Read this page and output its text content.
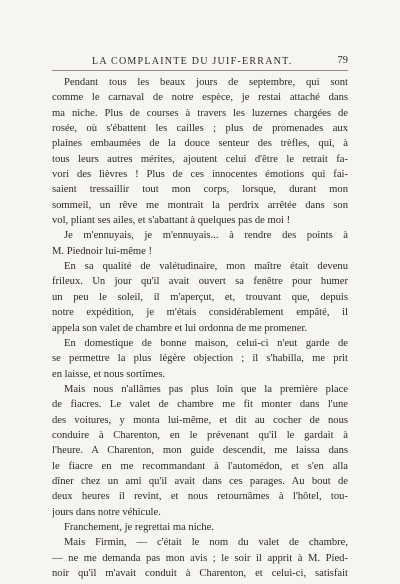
LA COMPLAINTE DU JUIF-ERRANT.	79
Pendant tous les beaux jours de septembre, qui sont
comme le carnaval de notre espèce, je restai attaché dans
ma niche. Plus de courses à travers les luzernes chargées de
rosée, où s'ébattent les cailles ; plus de promenades aux
plaines embaumées de la douce senteur des trèfles, qui, à
tous leurs autres mérites, ajoutent celui d'être le retrait fa-
vori des lièvres ! Plus de ces innocentes émotions qui fai-
saient tressaillir tout mon corps, lorsque, durant mon
sommeil, un rêve me montrait la perdrix arrêtée dans son
vol, pliant ses ailes, et s'abattant à quelques pas de moi !
Je m'ennuyais, je m'ennuyais... à rendre des points à
M. Piednoir lui-même !
En sa qualité de valétudinaire, mon maître était devenu
frileux. Un jour qu'il avait ouvert sa fenêtre pour humer
un peu le soleil, il m'aperçut, et, trouvant que, depuis
notre expédition, je m'étais considérablement empâté, il
appela son valet de chambre et lui ordonna de me promener.
En domestique de bonne maison, celui-ci n'eut garde de
se permettre la plus légère objection ; il s'habilla, me prit
en laisse, et nous sortîmes.
Mais nous n'allâmes pas plus loin que la première place
de fiacres. Le valet de chambre me fit monter dans l'une
des voitures, y monta lui-même, et dit au cocher de nous
conduire à Charenton, en le prévenant qu'il le gardait à
l'heure. A Charenton, mon guide descendit, me laissa dans
le fiacre en me recommandant à l'automédon, et s'en alla
dîner chez un ami qu'il avait dans ces parages. Au bout de
deux heures il revint, et nous retournâmes à l'hôtel, tou-
jours dans notre véhicule.
Franchement, je regrettai ma niche.
Mais Firmin, — c'était le nom du valet de chambre,
— ne me demanda pas mon avis ; le soir il apprit à M. Pied-
noir qu'il m'avait conduit à Charenton, et celui-ci, satisfait
